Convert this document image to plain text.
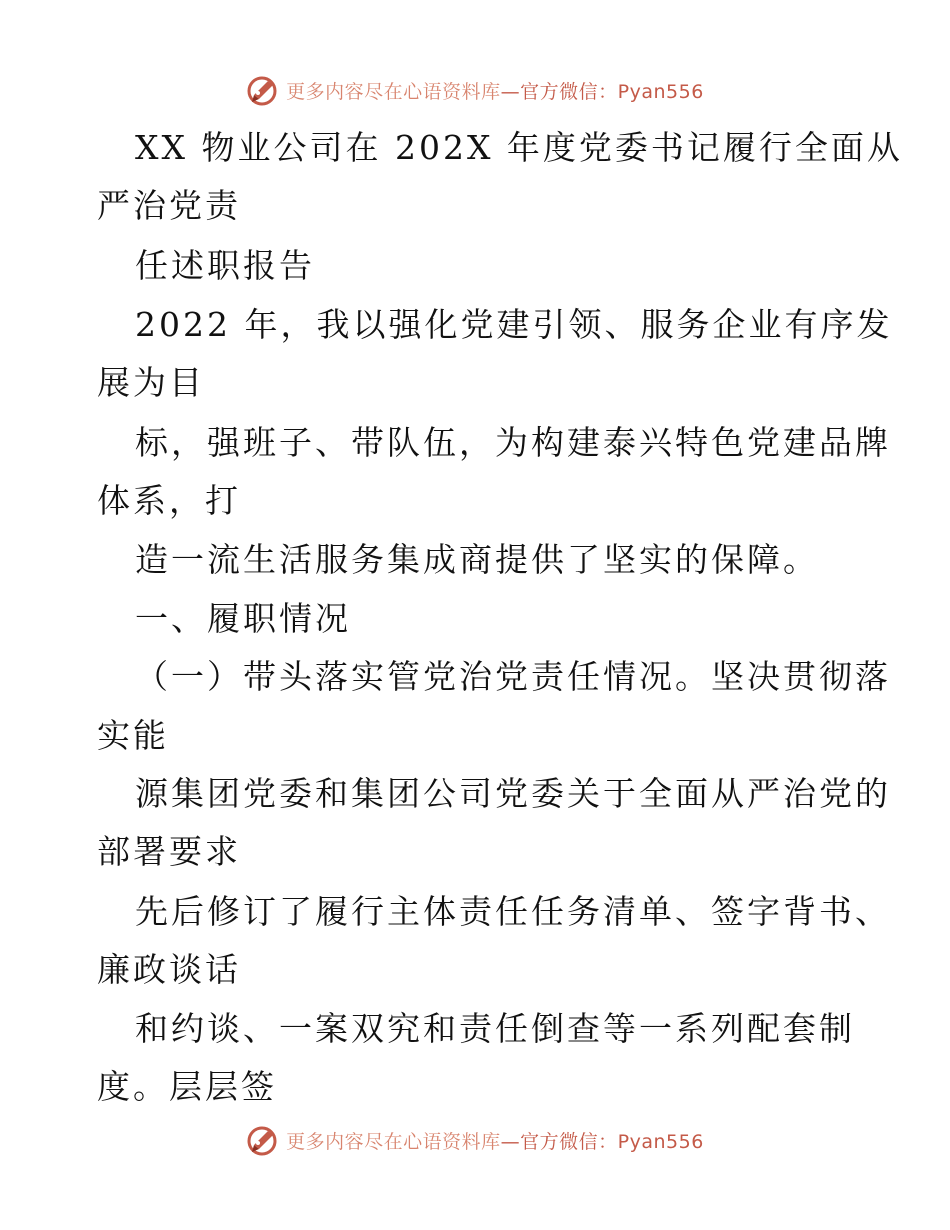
更多内容尽在心语资料库—官方微信：Pyan556
XX 物业公司在 202X 年度党委书记履行全面从
严治党责
任述职报告
2022 年，我以强化党建引领、服务企业有序发
展为目
标，强班子、带队伍，为构建泰兴特色党建品牌
体系，打
造一流生活服务集成商提供了坚实的保障。
一、履职情况
（一）带头落实管党治党责任情况。坚决贯彻落
实能
源集团党委和集团公司党委关于全面从严治党的
部署要求
先后修订了履行主体责任任务清单、签字背书、
廉政谈话
和约谈、一案双究和责任倒查等一系列配套制
度。层层签
更多内容尽在心语资料库—官方微信：Pyan556
